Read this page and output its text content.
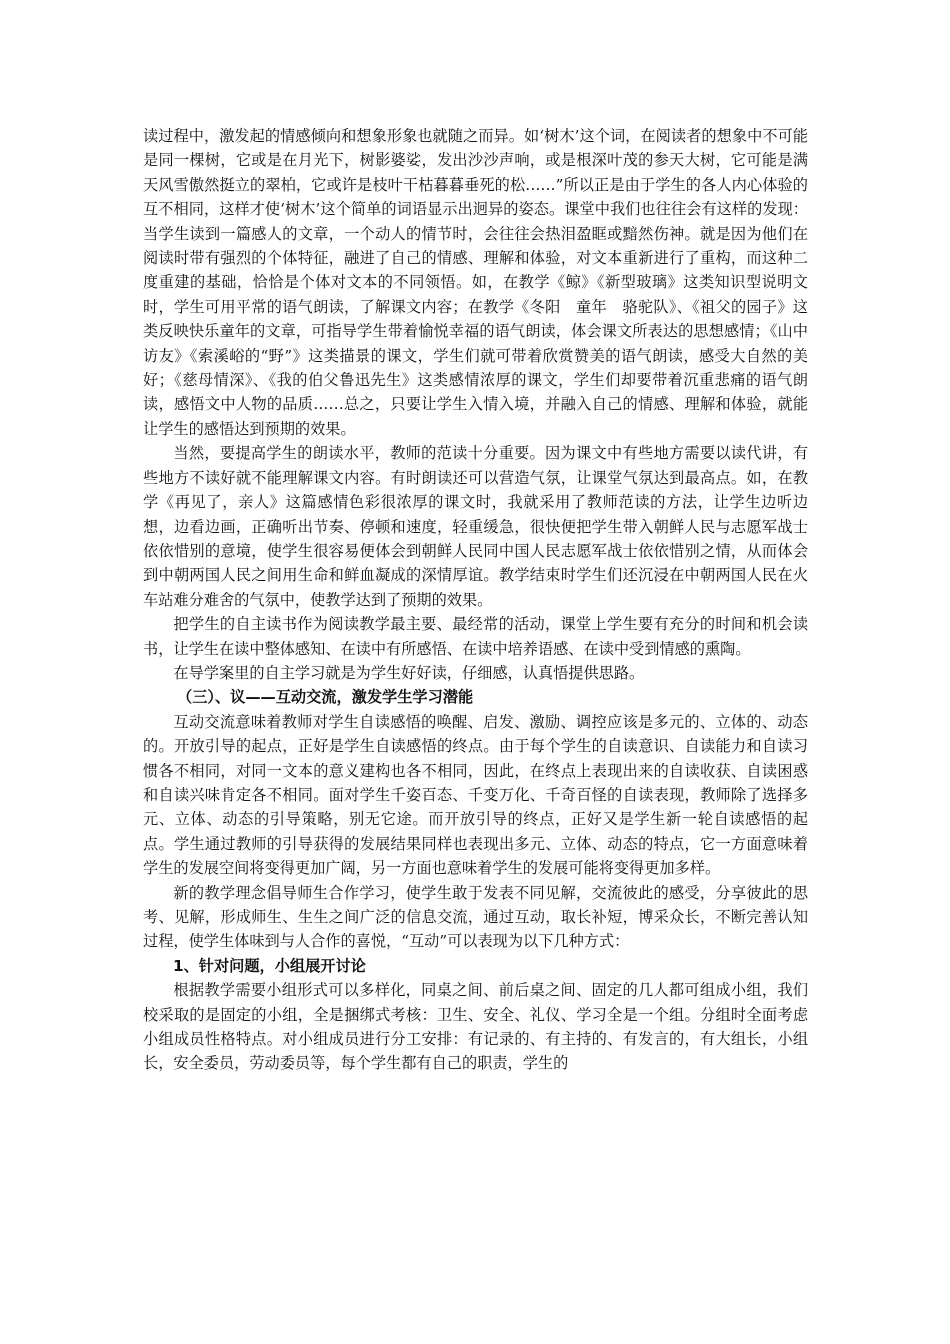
读过程中，激发起的情感倾向和想象形象也就随之而异。如‘树木’这个词，在阅读者的想象中不可能是同一棵树，它或是在月光下，树影婆娑，发出沙沙声响，或是根深叶茂的参天大树，它可能是满天风雪傲然挺立的翠柏，它或许是枝叶干枯暮暮垂死的松……”所以正是由于学生的各人内心体验的互不相同，这样才使‘树木’这个简单的词语显示出迥异的姿态。课堂中我们也往往会有这样的发现：当学生读到一篇感人的文章，一个动人的情节时，会往往会热泪盈眶或黯然伤神。就是因为他们在阅读时带有强烈的个体特征，融进了自己的情感、理解和体验，对文本重新进行了重构，而这种二度重建的基础，恰恰是个体对文本的不同领悟。如，在教学《鲸》《新型玻璃》这类知识型说明文时，学生可用平常的语气朗读，了解课文内容；在教学《冬阳　童年　骆驼队》、《祖父的园子》这类反映快乐童年的文章，可指导学生带着愉悦幸福的语气朗读，体会课文所表达的思想感情；《山中访友》《索溪峪的“野”》这类描景的课文，学生们就可带着欣赏赞美的语气朗读，感受大自然的美好；《慈母情深》、《我的伯父鲁迅先生》这类感情浓厚的课文，学生们却要带着沉重悲痛的语气朗读，感悟文中人物的品质……总之，只要让学生入情入境，并融入自己的情感、理解和体验，就能让学生的感悟达到预期的效果。

当然，要提高学生的朗读水平，教师的范读十分重要。因为课文中有些地方需要以读代讲，有些地方不读好就不能理解课文内容。有时朗读还可以营造气氛，让课堂气氛达到最高点。如，在教学《再见了，亲人》这篇感情色彩很浓厚的课文时，我就采用了教师范读的方法，让学生边听边想，边看边画，正确听出节奏、停顿和速度，轻重缓急，很快便把学生带入朝鲜人民与志愿军战士依依惜别的意境，使学生很容易便体会到朝鲜人民同中国人民志愿军战士依依惜别之情，从而体会到中朝两国人民之间用生命和鲜血凝成的深情厚谊。教学结束时学生们还沉浸在中朝两国人民在火车站难分难舍的气氛中，使教学达到了预期的效果。

把学生的自主读书作为阅读教学最主要、最经常的活动，课堂上学生要有充分的时间和机会读书，让学生在读中整体感知、在读中有所感悟、在读中培养语感、在读中受到情感的熏陶。

在导学案里的自主学习就是为学生好好读，仔细感，认真悟提供思路。

（三）、议——互动交流，激发学生学习潜能

互动交流意味着教师对学生自读感悟的唤醒、启发、激励、调控应该是多元的、立体的、动态的。开放引导的起点，正好是学生自读感悟的终点。由于每个学生的自读意识、自读能力和自读习惯各不相同，对同一文本的意义建构也各不相同，因此，在终点上表现出来的自读收获、自读困惑和自读兴味肯定各不相同。面对学生千姿百态、千变万化、千奇百怪的自读表现，教师除了选择多元、立体、动态的引导策略，别无它途。而开放引导的终点，正好又是学生新一轮自读感悟的起点。学生通过教师的引导获得的发展结果同样也表现出多元、立体、动态的特点，它一方面意味着学生的发展空间将变得更加广阔，另一方面也意味着学生的发展可能将变得更加多样。

新的教学理念倡导师生合作学习，使学生敢于发表不同见解，交流彼此的感受，分享彼此的思考、见解，形成师生、生生之间广泛的信息交流，通过互动，取长补短，博采众长，不断完善认知过程，使学生体味到与人合作的喜悦，“互动”可以表现为以下几种方式：

1、针对问题，小组展开讨论

根据教学需要小组形式可以多样化，同桌之间、前后桌之间、固定的几人都可组成小组，我们校采取的是固定的小组，全是捆绑式考核：卫生、安全、礼仪、学习全是一个组。分组时全面考虑小组成员性格特点。对小组成员进行分工安排：有记录的、有主持的、有发言的，有大组长，小组长，安全委员，劳动委员等，每个学生都有自己的职责，学生的
